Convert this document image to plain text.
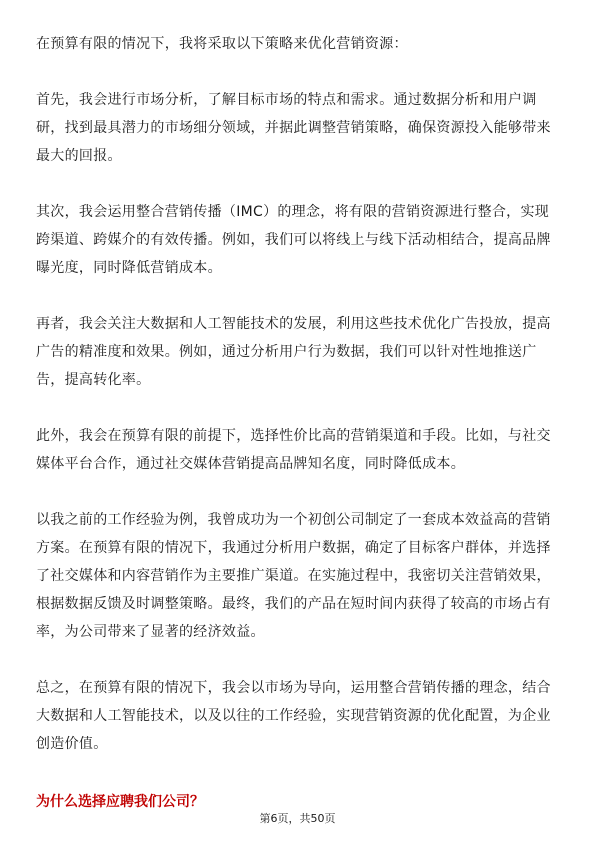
在预算有限的情况下，我将采取以下策略来优化营销资源：

首先，我会进行市场分析，了解目标市场的特点和需求。通过数据分析和用户调研，找到最具潜力的市场细分领域，并据此调整营销策略，确保资源投入能够带来最大的回报。

其次，我会运用整合营销传播（IMC）的理念，将有限的营销资源进行整合，实现跨渠道、跨媒介的有效传播。例如，我们可以将线上与线下活动相结合，提高品牌曝光度，同时降低营销成本。

再者，我会关注大数据和人工智能技术的发展，利用这些技术优化广告投放，提高广告的精准度和效果。例如，通过分析用户行为数据，我们可以针对性地推送广告，提高转化率。

此外，我会在预算有限的前提下，选择性价比高的营销渠道和手段。比如，与社交媒体平台合作，通过社交媒体营销提高品牌知名度，同时降低成本。

以我之前的工作经验为例，我曾成功为一个初创公司制定了一套成本效益高的营销方案。在预算有限的情况下，我通过分析用户数据，确定了目标客户群体，并选择了社交媒体和内容营销作为主要推广渠道。在实施过程中，我密切关注营销效果，根据数据反馈及时调整策略。最终，我们的产品在短时间内获得了较高的市场占有率，为公司带来了显著的经济效益。

总之，在预算有限的情况下，我会以市场为导向，运用整合营销传播的理念，结合大数据和人工智能技术，以及以往的工作经验，实现营销资源的优化配置，为企业创造价值。

为什么选择应聘我们公司？
第6页，共50页
